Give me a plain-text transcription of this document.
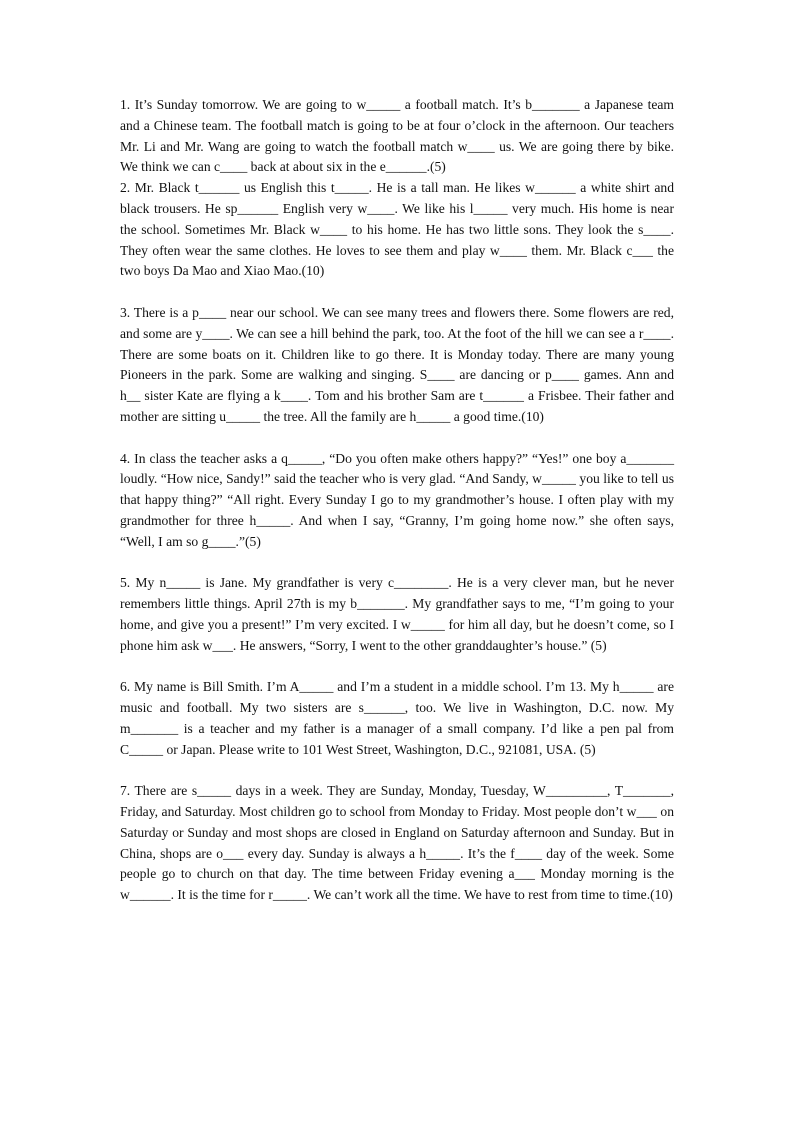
1. It’s Sunday tomorrow. We are going to w_____ a football match. It’s b_______ a Japanese team and a Chinese team. The football match is going to be at four o’clock in the afternoon. Our teachers Mr. Li and Mr. Wang are going to watch the football match w____ us. We are going there by bike. We think we can c____ back at about six in the e______.(5)

2. Mr. Black t______ us English this t_____. He is a tall man. He likes w______ a white shirt and black trousers. He sp______ English very w____. We like his l_____ very much. His home is near the school. Sometimes Mr. Black w____ to his home. He has two little sons. They look the s____. They often wear the same clothes. He loves to see them and play w____ them. Mr. Black c___ the two boys Da Mao and Xiao Mao.(10)

3. There is a p____ near our school. We can see many trees and flowers there. Some flowers are red, and some are y____. We can see a hill behind the park, too. At the foot of the hill we can see a r____. There are some boats on it. Children like to go there. It is Monday today. There are many young Pioneers in the park. Some are walking and singing. S____ are dancing or p____ games. Ann and h__ sister Kate are flying a k____. Tom and his brother Sam are t______ a Frisbee. Their father and mother are sitting u_____ the tree. All the family are h_____ a good time.(10)

4. In class the teacher asks a q_____, “Do you often make others happy?” “Yes!” one boy a_______ loudly. “How nice, Sandy!” said the teacher who is very glad. “And Sandy, w_____ you like to tell us that happy thing?” “All right. Every Sunday I go to my grandmother’s house. I often play with my grandmother for three h_____. And when I say, “Granny, I’m going home now.” she often says, “Well, I am so g____.”(5)

5. My n_____ is Jane. My grandfather is very c________. He is a very clever man, but he never remembers little things. April 27th is my b_______. My grandfather says to me, “I’m going to your home, and give you a present!” I’m very excited. I w_____ for him all day, but he doesn’t come, so I phone him ask w___. He answers, “Sorry, I went to the other granddaughter’s house.” (5)

6. My name is Bill Smith. I’m A_____ and I’m a student in a middle school. I’m 13. My h_____ are music and football. My two sisters are s______, too. We live in Washington, D.C. now. My m_______ is a teacher and my father is a manager of a small company. I’d like a pen pal from C_____ or Japan. Please write to 101 West Street, Washington, D.C., 921081, USA. (5)

7. There are s_____ days in a week. They are Sunday, Monday, Tuesday, W_________, T_______, Friday, and Saturday. Most children go to school from Monday to Friday. Most people don’t w___ on Saturday or Sunday and most shops are closed in England on Saturday afternoon and Sunday. But in China, shops are o___ every day. Sunday is always a h_____. It’s the f____ day of the week. Some people go to church on that day. The time between Friday evening a___ Monday morning is the w______. It is the time for r_____. We can’t work all the time. We have to rest from time to time.(10)
